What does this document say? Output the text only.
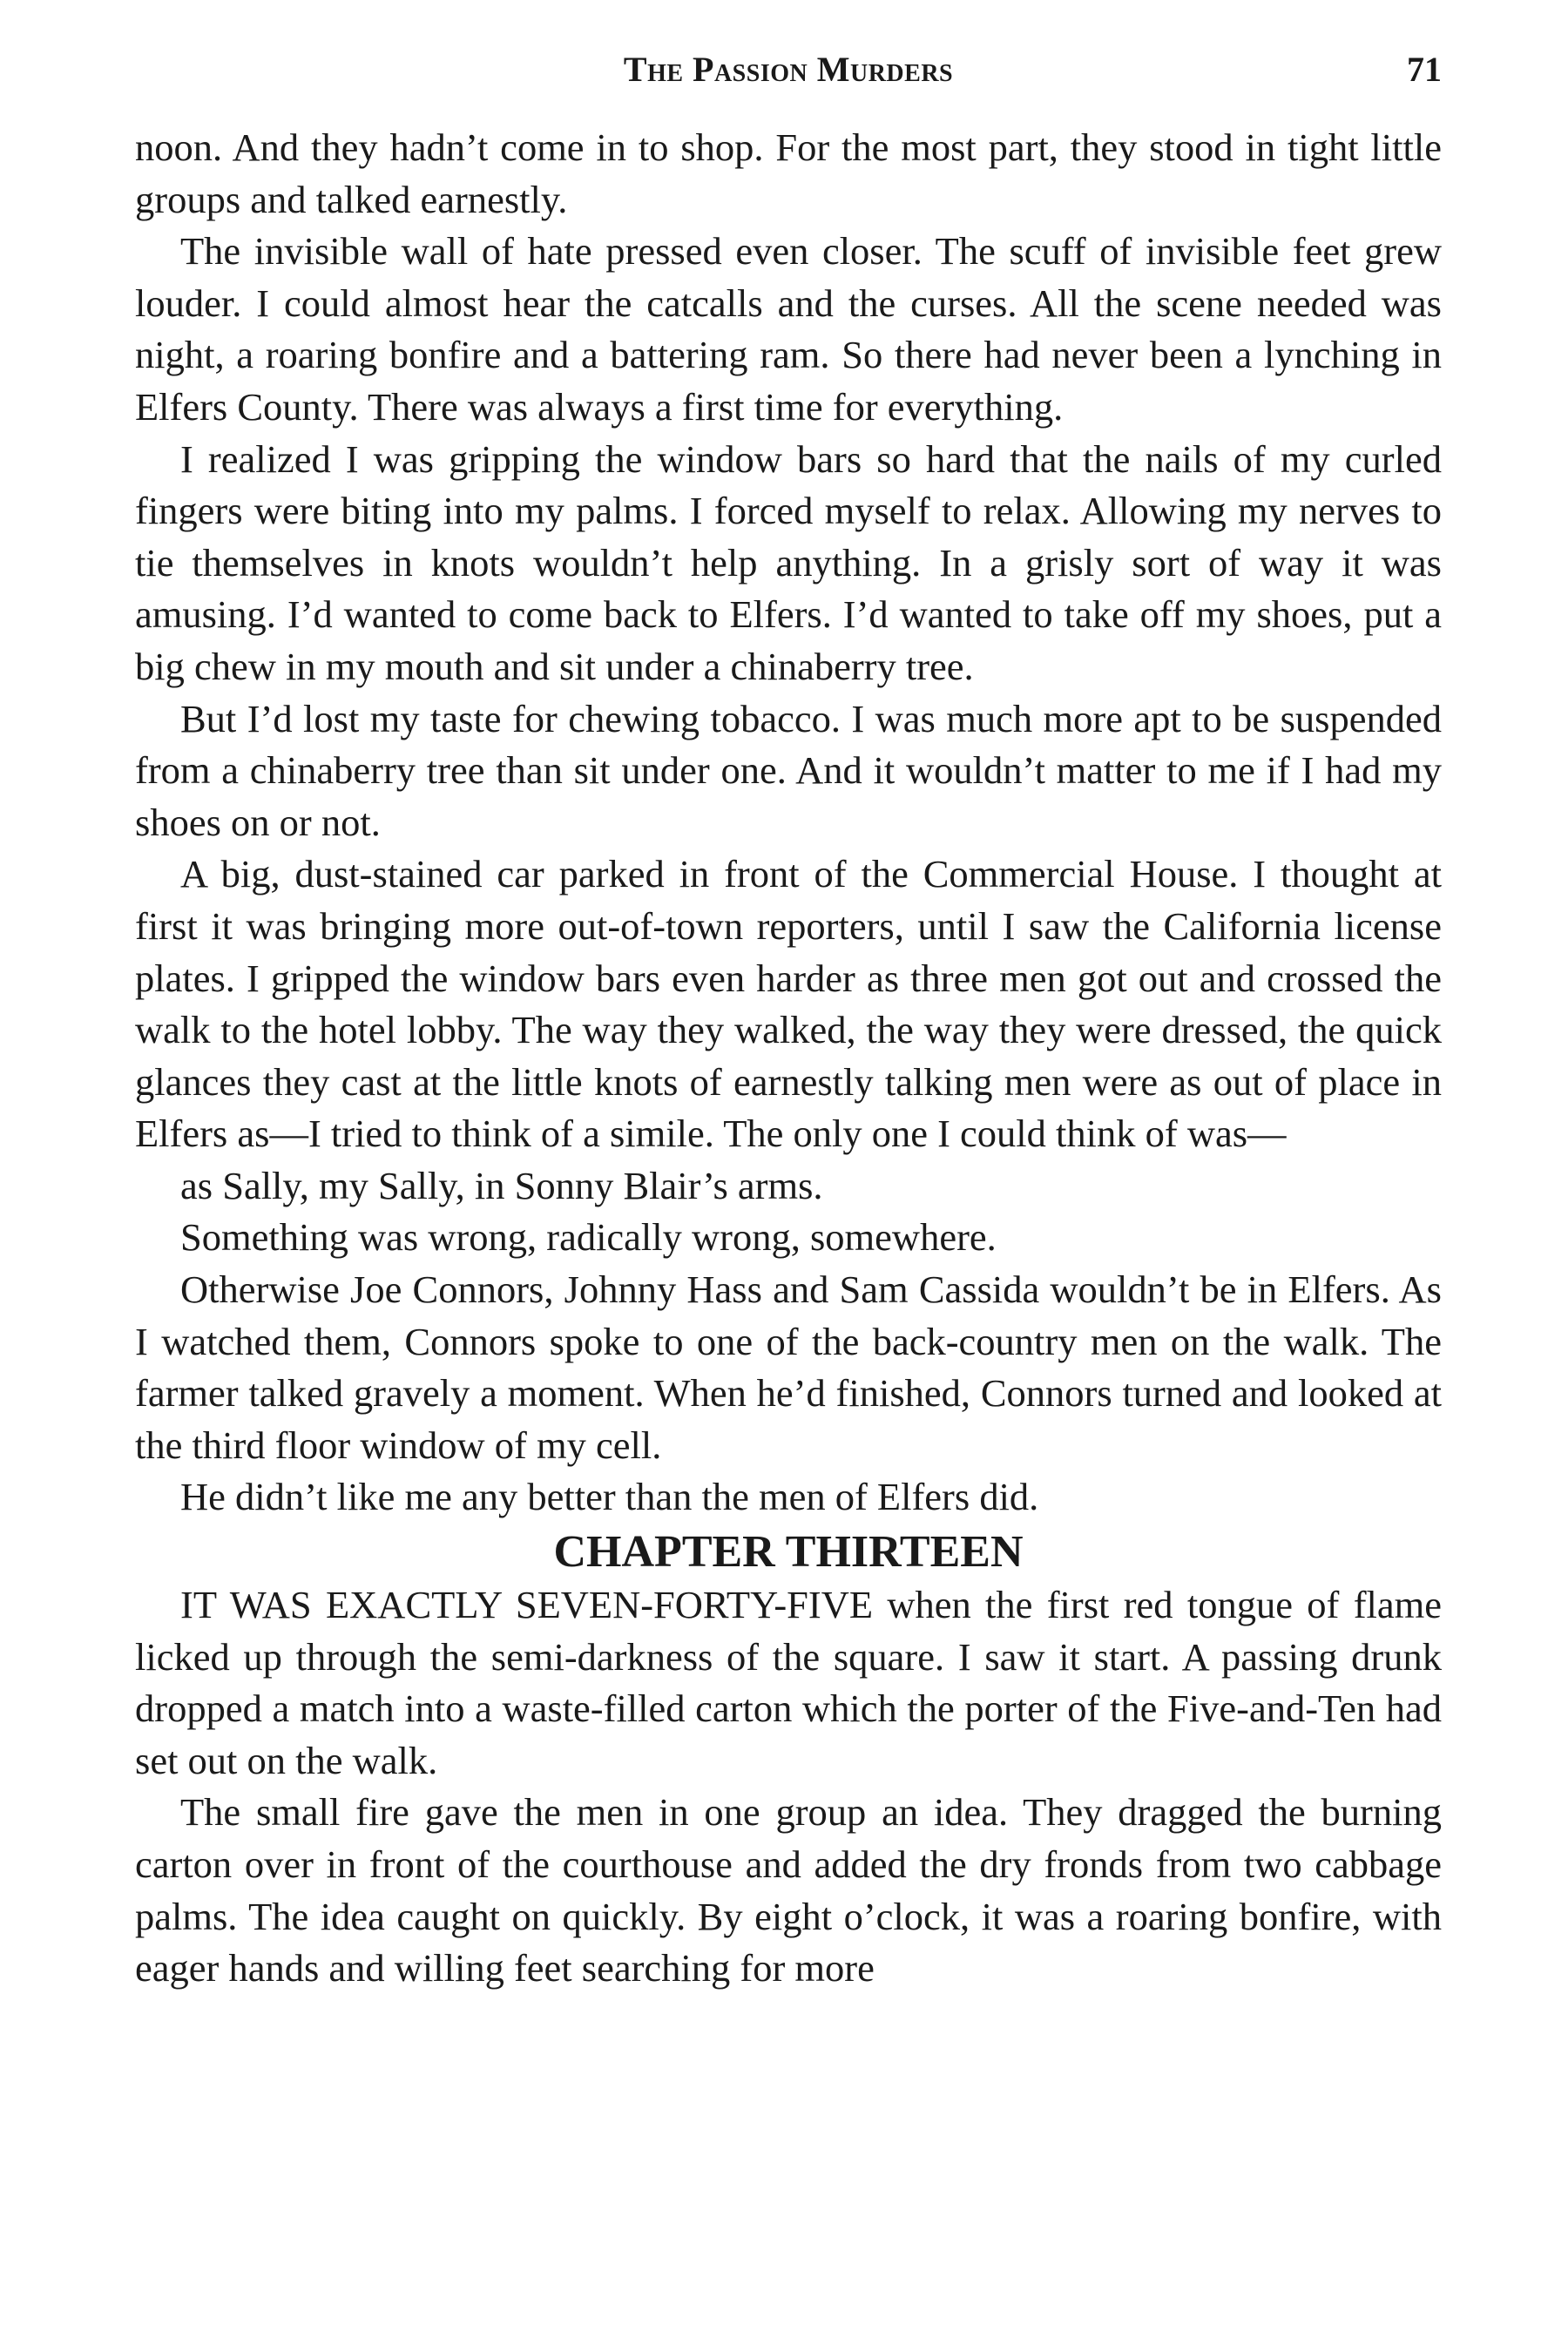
The Passion Murders	71

noon. And they hadn’t come in to shop. For the most part, they stood in tight little groups and talked earnestly.

The invisible wall of hate pressed even closer. The scuff of invisible feet grew louder. I could almost hear the catcalls and the curses. All the scene needed was night, a roaring bonfire and a battering ram. So there had never been a lynching in Elfers County. There was always a first time for everything.

I realized I was gripping the window bars so hard that the nails of my curled fingers were biting into my palms. I forced myself to relax. Allowing my nerves to tie themselves in knots wouldn’t help anything. In a grisly sort of way it was amusing. I’d wanted to come back to Elfers. I’d wanted to take off my shoes, put a big chew in my mouth and sit under a chinaberry tree.

But I’d lost my taste for chewing tobacco. I was much more apt to be suspended from a chinaberry tree than sit under one. And it wouldn’t matter to me if I had my shoes on or not.

A big, dust-stained car parked in front of the Commercial House. I thought at first it was bringing more out-of-town reporters, until I saw the California license plates. I gripped the window bars even harder as three men got out and crossed the walk to the hotel lobby. The way they walked, the way they were dressed, the quick glances they cast at the little knots of earnestly talking men were as out of place in Elfers as—I tried to think of a simile. The only one I could think of was—

as Sally, my Sally, in Sonny Blair’s arms.

Something was wrong, radically wrong, somewhere.

Otherwise Joe Connors, Johnny Hass and Sam Cassida wouldn’t be in Elfers. As I watched them, Connors spoke to one of the back-country men on the walk. The farmer talked gravely a moment. When he’d finished, Connors turned and looked at the third floor window of my cell.

He didn’t like me any better than the men of Elfers did.

CHAPTER THIRTEEN

IT WAS EXACTLY SEVEN-FORTY-FIVE when the first red tongue of flame licked up through the semi-darkness of the square. I saw it start. A passing drunk dropped a match into a waste-filled carton which the porter of the Five-and-Ten had set out on the walk.

The small fire gave the men in one group an idea. They dragged the burning carton over in front of the courthouse and added the dry fronds from two cabbage palms. The idea caught on quickly. By eight o’clock, it was a roaring bonfire, with eager hands and willing feet searching for more
